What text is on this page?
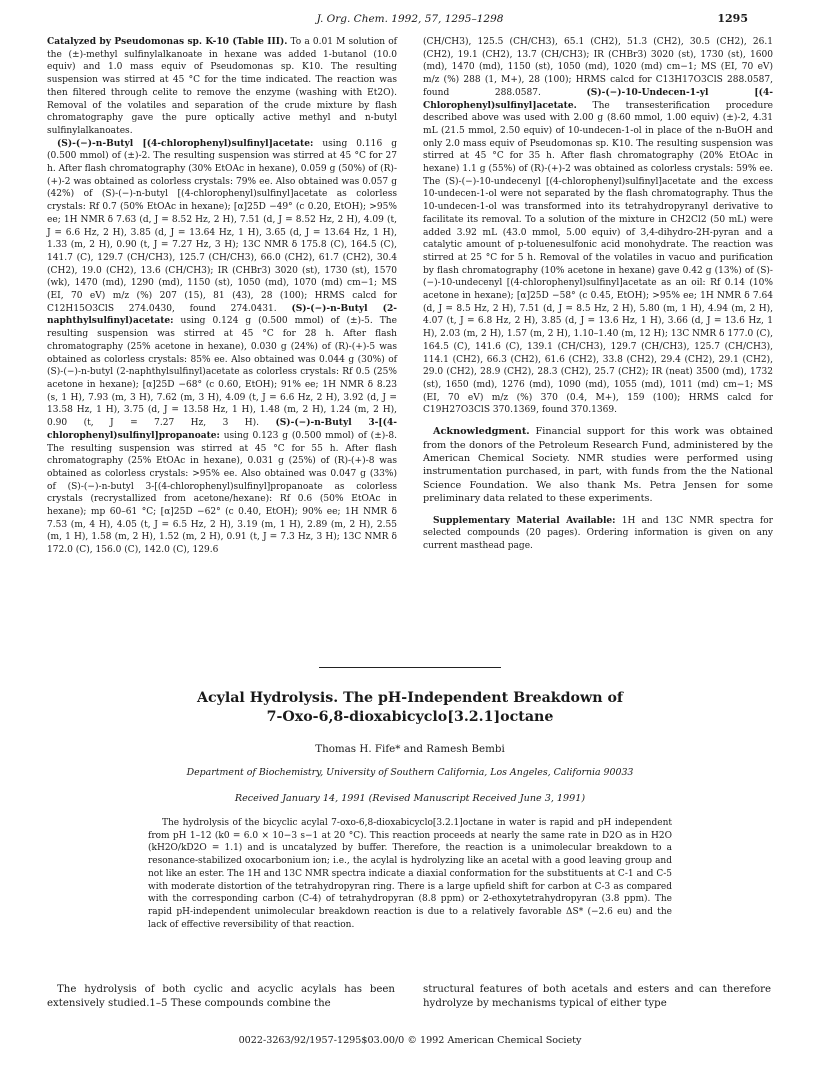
J. Org. Chem. 1992, 57, 1295–1298	1295

Catalyzed by Pseudomonas sp. K-10 (Table III). To a 0.01 M solution of the (±)-methyl sulfinylalkanoate in hexane was added 1-butanol (10.0 equiv) and 1.0 mass equiv of Pseudomonas sp. K10. The resulting suspension was stirred at 45 °C for the time indicated. The reaction was then filtered through celite to remove the enzyme (washing with Et2O). Removal of the volatiles and separation of the crude mixture by flash chromatography gave the pure optically active methyl and n-butyl sulfinylalkanoates.

(S)-(−)-n-Butyl [(4-chlorophenyl)sulfinyl]acetate: using 0.116 g (0.500 mmol) of (±)-2. The resulting suspension was stirred at 45 °C for 27 h. After flash chromatography (30% EtOAc in hexane), 0.059 g (50%) of (R)-(+)-2 was obtained as colorless crystals: 79% ee. Also obtained was 0.057 g (42%) of (S)-(−)-n-butyl [(4-chlorophenyl)sulfinyl]acetate as colorless crystals: Rf 0.7 (50% EtOAc in hexane); [α]25D −49° (c 0.20, EtOH); >95% ee; 1H NMR δ 7.63 (d, J = 8.52 Hz, 2 H), 7.51 (d, J = 8.52 Hz, 2 H), 4.09 (t, J = 6.6 Hz, 2 H), 3.85 (d, J = 13.64 Hz, 1 H), 3.65 (d, J = 13.64 Hz, 1 H), 1.33 (m, 2 H), 0.90 (t, J = 7.27 Hz, 3 H); 13C NMR δ 175.8 (C), 164.5 (C), 141.7 (C), 129.7 (CH/CH3), 125.7 (CH/CH3), 66.0 (CH2), 61.7 (CH2), 30.4 (CH2), 19.0 (CH2), 13.6 (CH/CH3); IR (CHBr3) 3020 (st), 1730 (st), 1570 (wk), 1470 (md), 1290 (md), 1150 (st), 1050 (md), 1070 (md) cm−1; MS (EI, 70 eV) m/z (%) 207 (15), 81 (43), 28 (100); HRMS calcd for C12H15O3ClS 274.0430, found 274.0431. (S)-(−)-n-Butyl (2-naphthylsulfinyl)acetate: using 0.124 g (0.500 mmol) of (±)-5. The resulting suspension was stirred at 45 °C for 28 h. After flash chromatography (25% acetone in hexane), 0.030 g (24%) of (R)-(+)-5 was obtained as colorless crystals: 85% ee. Also obtained was 0.044 g (30%) of (S)-(−)-n-butyl (2-naphthylsulfinyl)acetate as colorless crystals: Rf 0.5 (25% acetone in hexane); [α]25D −68° (c 0.60, EtOH); 91% ee; 1H NMR δ 8.23 (s, 1 H), 7.93 (m, 3 H), 7.62 (m, 3 H), 4.09 (t, J = 6.6 Hz, 2 H), 3.92 (d, J = 13.58 Hz, 1 H), 3.75 (d, J = 13.58 Hz, 1 H), 1.48 (m, 2 H), 1.24 (m, 2 H), 0.90 (t, J = 7.27 Hz, 3 H). (S)-(−)-n-Butyl 3-[(4-chlorophenyl)sulfinyl]propanoate: using 0.123 g (0.500 mmol) of (±)-8. The resulting suspension was stirred at 45 °C for 55 h. After flash chromatography (25% EtOAc in hexane), 0.031 g (25%) of (R)-(+)-8 was obtained as colorless crystals: >95% ee. Also obtained was 0.047 g (33%) of (S)-(−)-n-butyl 3-[(4-chlorophenyl)sulfinyl]propanoate as colorless crystals (recrystallized from acetone/hexane): Rf 0.6 (50% EtOAc in hexane); mp 60–61 °C; [α]25D −62° (c 0.40, EtOH); 90% ee; 1H NMR δ 7.53 (m, 4 H), 4.05 (t, J = 6.5 Hz, 2 H), 3.19 (m, 1 H), 2.89 (m, 2 H), 2.55 (m, 1 H), 1.58 (m, 2 H), 1.52 (m, 2 H), 0.91 (t, J = 7.3 Hz, 3 H); 13C NMR δ 172.0 (C), 156.0 (C), 142.0 (C), 129.6

(CH/CH3), 125.5 (CH/CH3), 65.1 (CH2), 51.3 (CH2), 30.5 (CH2), 26.1 (CH2), 19.1 (CH2), 13.7 (CH/CH3); IR (CHBr3) 3020 (st), 1730 (st), 1600 (md), 1470 (md), 1150 (st), 1050 (md), 1020 (md) cm−1; MS (EI, 70 eV) m/z (%) 288 (1, M+), 28 (100); HRMS calcd for C13H17O3ClS 288.0587, found 288.0587. (S)-(−)-10-Undecen-1-yl [(4-Chlorophenyl)sulfinyl]acetate. The transesterification procedure described above was used with 2.00 g (8.60 mmol, 1.00 equiv) (±)-2, 4.31 mL (21.5 mmol, 2.50 equiv) of 10-undecen-1-ol in place of the n-BuOH and only 2.0 mass equiv of Pseudomonas sp. K10. The resulting suspension was stirred at 45 °C for 35 h. After flash chromatography (20% EtOAc in hexane) 1.1 g (55%) of (R)-(+)-2 was obtained as colorless crystals: 59% ee. The (S)-(−)-10-undecenyl [(4-chlorophenyl)sulfinyl]acetate and the excess 10-undecen-1-ol were not separated by the flash chromatography. Thus the 10-undecen-1-ol was transformed into its tetrahydropyranyl derivative to facilitate its removal. To a solution of the mixture in CH2Cl2 (50 mL) were added 3.92 mL (43.0 mmol, 5.00 equiv) of 3,4-dihydro-2H-pyran and a catalytic amount of p-toluenesulfonic acid monohydrate. The reaction was stirred at 25 °C for 5 h. Removal of the volatiles in vacuo and purification by flash chromatography (10% acetone in hexane) gave 0.42 g (13%) of (S)-(−)-10-undecenyl [(4-chlorophenyl)sulfinyl]acetate as an oil: Rf 0.14 (10% acetone in hexane); [α]25D −58° (c 0.45, EtOH); >95% ee; 1H NMR δ 7.64 (d, J = 8.5 Hz, 2 H), 7.51 (d, J = 8.5 Hz, 2 H), 5.80 (m, 1 H), 4.94 (m, 2 H), 4.07 (t, J = 6.8 Hz, 2 H), 3.85 (d, J = 13.6 Hz, 1 H), 3.66 (d, J = 13.6 Hz, 1 H), 2.03 (m, 2 H), 1.57 (m, 2 H), 1.10–1.40 (m, 12 H); 13C NMR δ 177.0 (C), 164.5 (C), 141.6 (C), 139.1 (CH/CH3), 129.7 (CH/CH3), 125.7 (CH/CH3), 114.1 (CH2), 66.3 (CH2), 61.6 (CH2), 33.8 (CH2), 29.4 (CH2), 29.1 (CH2), 29.0 (CH2), 28.9 (CH2), 28.3 (CH2), 25.7 (CH2); IR (neat) 3500 (md), 1732 (st), 1650 (md), 1276 (md), 1090 (md), 1055 (md), 1011 (md) cm−1; MS (EI, 70 eV) m/z (%) 370 (0.4, M+), 159 (100); HRMS calcd for C19H27O3ClS 370.1369, found 370.1369.

Acknowledgment. Financial support for this work was obtained from the donors of the Petroleum Research Fund, administered by the American Chemical Society. NMR studies were performed using instrumentation purchased, in part, with funds from the the National Science Foundation. We also thank Ms. Petra Jensen for some preliminary data related to these experiments.

Supplementary Material Available: 1H and 13C NMR spectra for selected compounds (20 pages). Ordering information is given on any current masthead page.

Acylal Hydrolysis. The pH-Independent Breakdown of
7-Oxo-6,8-dioxabicyclo[3.2.1]octane
Thomas H. Fife* and Ramesh Bembi
Department of Biochemistry, University of Southern California, Los Angeles, California 90033
Received January 14, 1991 (Revised Manuscript Received June 3, 1991)

The hydrolysis of the bicyclic acylal 7-oxo-6,8-dioxabicyclo[3.2.1]octane in water is rapid and pH independent from pH 1–12 (k0 = 6.0 × 10−3 s−1 at 20 °C). This reaction proceeds at nearly the same rate in D2O as in H2O (kH2O/kD2O = 1.1) and is uncatalyzed by buffer. Therefore, the reaction is a unimolecular breakdown to a resonance-stabilized oxocarbonium ion; i.e., the acylal is hydrolyzing like an acetal with a good leaving group and not like an ester. The 1H and 13C NMR spectra indicate a diaxial conformation for the substituents at C-1 and C-5 with moderate distortion of the tetrahydropyran ring. There is a large upfield shift for carbon at C-3 as compared with the corresponding carbon (C-4) of tetrahydropyran (8.8 ppm) or 2-ethoxytetrahydropyran (3.8 ppm). The rapid pH-independent unimolecular breakdown reaction is due to a relatively favorable ΔS* (−2.6 eu) and the lack of effective reversibility of that reaction.

The hydrolysis of both cyclic and acyclic acylals has been extensively studied.1–5 These compounds combine the

structural features of both acetals and esters and can therefore hydrolyze by mechanisms typical of either type

0022-3263/92/1957-1295$03.00/0 © 1992 American Chemical Society
